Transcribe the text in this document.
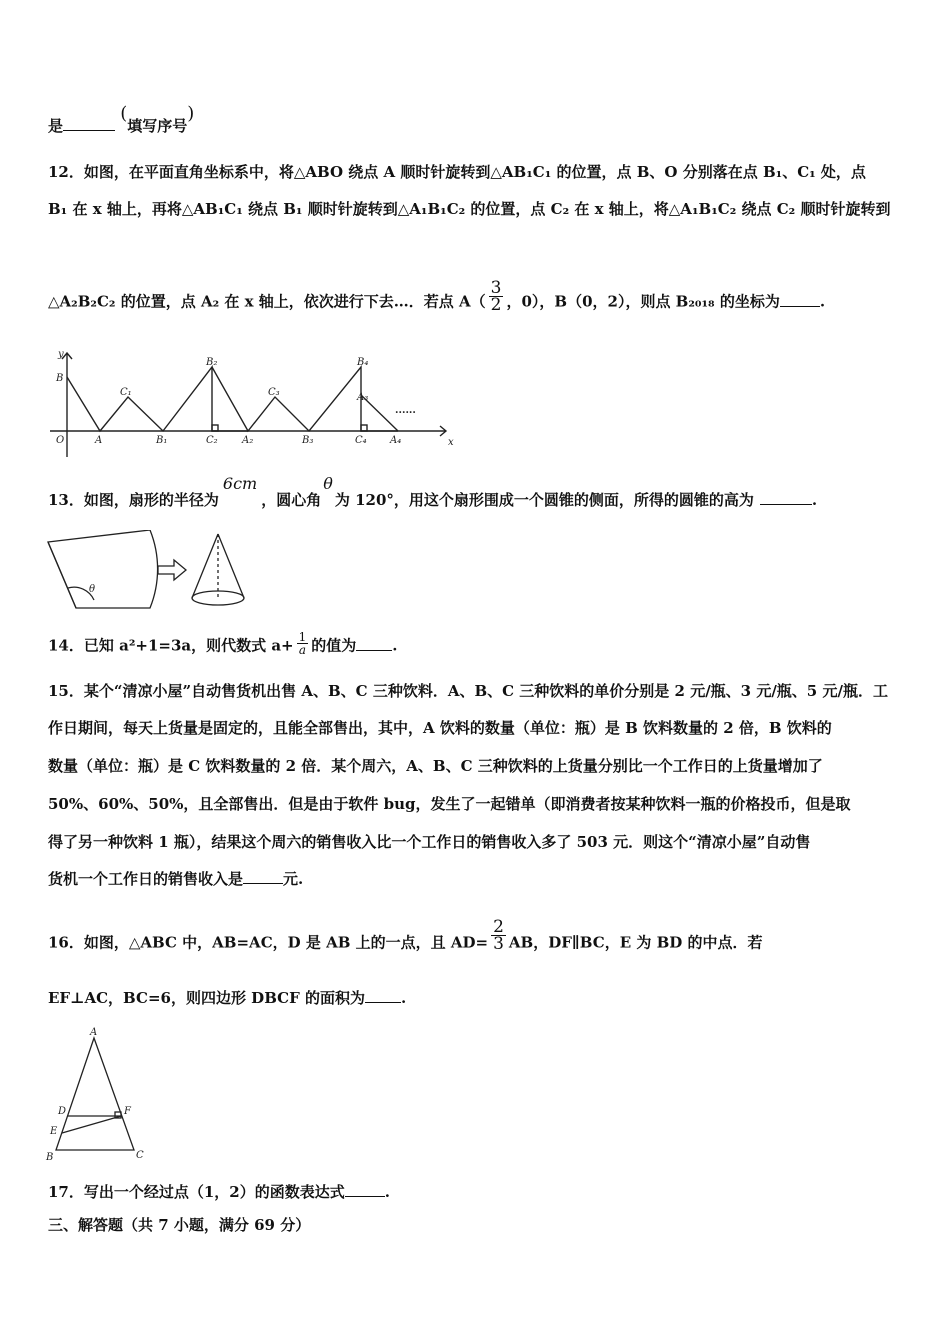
是 (填写序号)
12．如图，在平面直角坐标系中，将△ABO 绕点 A 顺时针旋转到△AB₁C₁ 的位置，点 B、O 分别落在点 B₁、C₁ 处，点
B₁ 在 x 轴上，再将△AB₁C₁ 绕点 B₁ 顺时针旋转到△A₁B₁C₂ 的位置，点 C₂ 在 x 轴上，将△A₁B₁C₂ 绕点 C₂ 顺时针旋转到
△A₂B₂C₂ 的位置，点 A₂ 在 x 轴上，依次进行下去…．若点 $A( \frac{3}{2}$ ，0），B（0，2），则点 B₂₀₁₈ 的坐标为	.
y
x
O
B
A
C₁
B₁
B₂
C₂ A₂
C₃
B₃
B₄
A₃
C₄ A₄
......
13．如图，扇形的半径为6cm，圆心角θ为 120°，用这个扇形围成一个圆锥的侧面，所得的圆锥的高为	.
θ
14．已知 a²+1=3a，则代数式 $a+ \frac{1}{a}$ 的值为 .
15．某个“清凉小屋”自动售货机出售 A、B、C 三种饮料．A、B、C 三种饮料的单价分别是 2 元/瓶、3 元/瓶、5 元/瓶．工
作日期间，每天上货量是固定的，且能全部售出，其中，A 饮料的数量（单位：瓶）是 B 饮料数量的 2 倍，B 饮料的
数量（单位：瓶）是 C 饮料数量的 2 倍．某个周六，A、B、C 三种饮料的上货量分别比一个工作日的上货量增加了
50%、60%、50%，且全部售出．但是由于软件 bug，发生了一起错单（即消费者按某种饮料一瓶的价格投币，但是取
得了另一种饮料 1 瓶），结果这个周六的销售收入比一个工作日的销售收入多了 503 元．则这个“清凉小屋”自动售
货机一个工作日的销售收入是	元.
16．如图，△ABC 中，AB=AC，D 是 AB 上的一点，且 $AD= \frac{2}{3}$ AB，DF∥BC，E 为 BD 的中点．若
EF⊥AC，BC=6，则四边形 DBCF 的面积为 .
A
D	F
E
B	C
17．写出一个经过点（1，2）的函数表达式	.
三、解答题（共 7 小题，满分 69 分）
